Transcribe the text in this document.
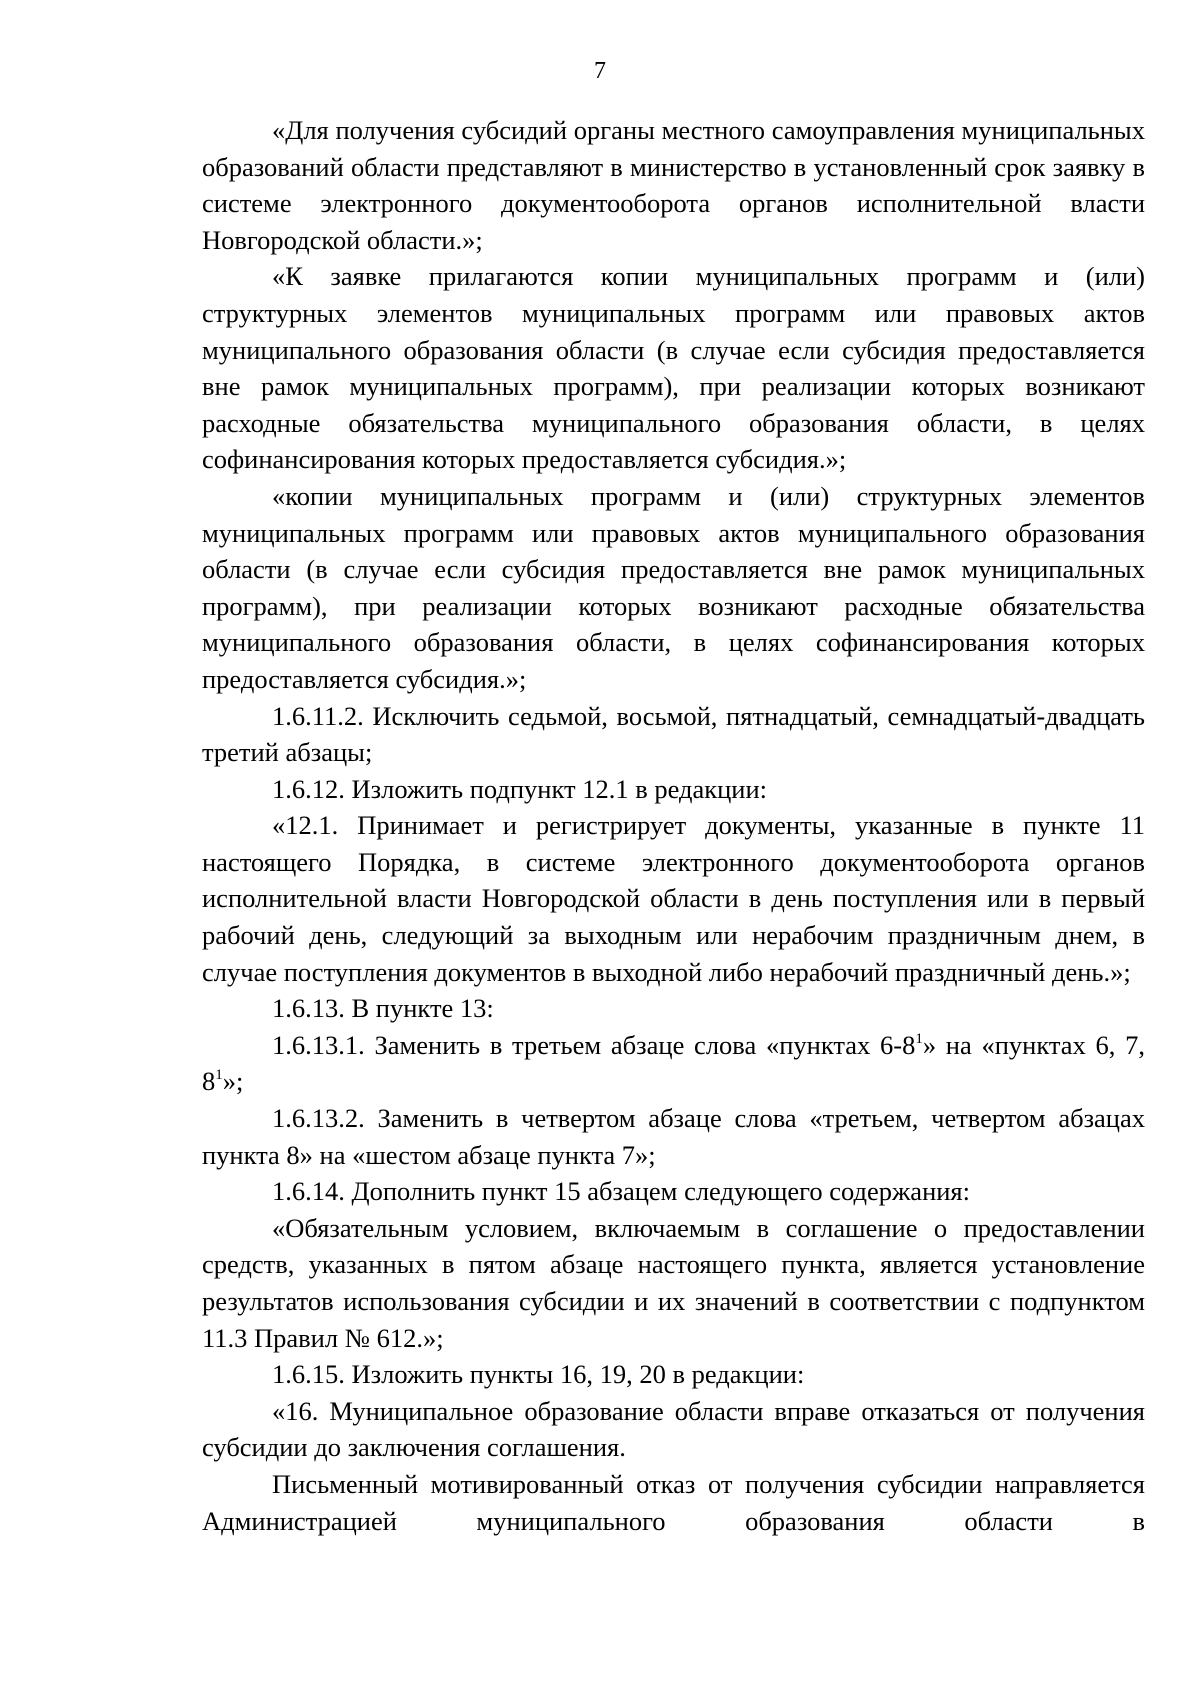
7

«Для получения субсидий органы местного самоуправления муниципальных образований области представляют в министерство в установленный срок заявку в системе электронного документооборота органов исполнительной власти Новгородской области.»;

«К заявке прилагаются копии муниципальных программ и (или) структурных элементов муниципальных программ или правовых актов муниципального образования области (в случае если субсидия предоставляется вне рамок муниципальных программ), при реализации которых возникают расходные обязательства муниципального образования области, в целях софинансирования которых предоставляется субсидия.»;

«копии муниципальных программ и (или) структурных элементов муниципальных программ или правовых актов муниципального образования области (в случае если субсидия предоставляется вне рамок муниципальных программ), при реализации которых возникают расходные обязательства муниципального образования области, в целях софинансирования которых предоставляется субсидия.»;

1.6.11.2. Исключить седьмой, восьмой, пятнадцатый, семнадцатый-двадцать третий абзацы;

1.6.12. Изложить подпункт 12.1 в редакции:

«12.1. Принимает и регистрирует документы, указанные в пункте 11 настоящего Порядка, в системе электронного документооборота органов исполнительной власти Новгородской области в день поступления или в первый рабочий день, следующий за выходным или нерабочим праздничным днем, в случае поступления документов в выходной либо нерабочий праздничный день.»;

1.6.13. В пункте 13:

1.6.13.1. Заменить в третьем абзаце слова «пунктах $6-8^1$» на «пунктах 6, 7, $8^1$»;

1.6.13.2. Заменить в четвертом абзаце слова «третьем, четвертом абзацах пункта 8» на «шестом абзаце пункта 7»;

1.6.14. Дополнить пункт 15 абзацем следующего содержания:

«Обязательным условием, включаемым в соглашение о предоставлении средств, указанных в пятом абзаце настоящего пункта, является установление результатов использования субсидии и их значений в соответствии с подпунктом 11.3 Правил № 612.»;

1.6.15. Изложить пункты 16, 19, 20 в редакции:

«16. Муниципальное образование области вправе отказаться от получения субсидии до заключения соглашения.

Письменный мотивированный отказ от получения субсидии направляется Администрацией муниципального образования области в
